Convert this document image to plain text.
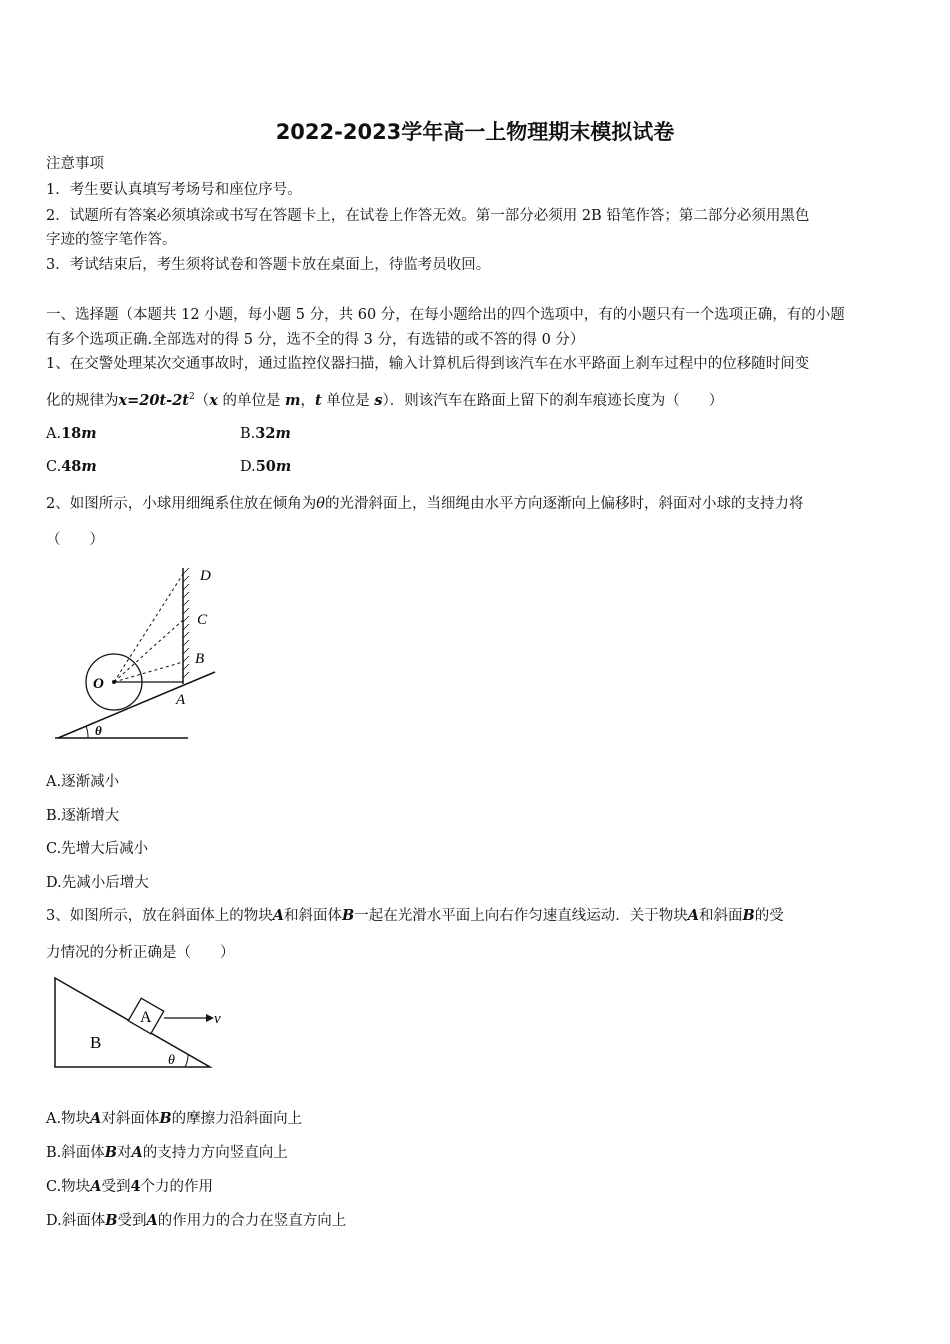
2022-2023学年高一上物理期末模拟试卷
注意事项
1．考生要认真填写考场号和座位序号。
2．试题所有答案必须填涂或书写在答题卡上，在试卷上作答无效。第一部分必须用 2B 铅笔作答；第二部分必须用黑色
字迹的签字笔作答。
3．考试结束后，考生须将试卷和答题卡放在桌面上，待监考员收回。
一、选择题（本题共 12 小题，每小题 5 分，共 60 分，在每小题给出的四个选项中，有的小题只有一个选项正确，有的小题
有多个选项正确.全部选对的得 5 分，选不全的得 3 分，有选错的或不答的得 0 分）
1、在交警处理某次交通事故时，通过监控仪器扫描，输入计算机后得到该汽车在水平路面上刹车过程中的位移随时间变
化的规律为$x=20t-2t^2(x$ 的单位是 m，t 单位是 s）．则该汽车在路面上留下的刹车痕迹长度为（　　）
A.18m	B.32m
C.48m	D.50m
2、如图所示，小球用细绳系住放在倾角为θ的光滑斜面上，当细绳由水平方向逐渐向上偏移时，斜面对小球的支持力将
（　　）
D
C
B
O
A
θ
A.逐渐减小
B.逐渐增大
C.先增大后减小
D.先减小后增大
3、如图所示，放在斜面体上的物块A和斜面体B一起在光滑水平面上向右作匀速直线运动．关于物块A和斜面B的受
力情况的分析正确是（　　）
A	v
B
θ
A.物块A对斜面体B的摩擦力沿斜面向上
B.斜面体B对A的支持力方向竖直向上
C.物块A受到4个力的作用
D.斜面体B受到A的作用力的合力在竖直方向上
